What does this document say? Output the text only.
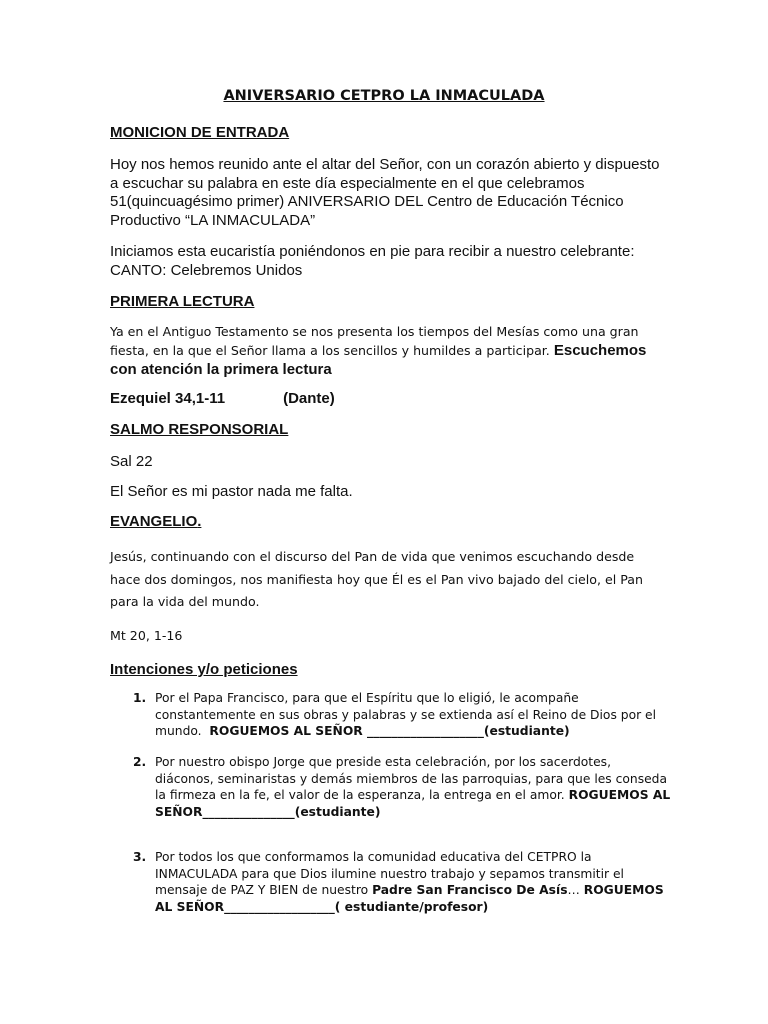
ANIVERSARIO CETPRO LA INMACULADA
MONICION DE ENTRADA
Hoy nos hemos reunido ante el altar del Señor, con un corazón abierto y dispuesto a escuchar su palabra en este día especialmente en el que celebramos 51(quincuagésimo primer) ANIVERSARIO DEL Centro de Educación Técnico Productivo “LA INMACULADA”
Iniciamos esta eucaristía poniéndonos en pie para recibir a nuestro celebrante:
CANTO: Celebremos Unidos
PRIMERA LECTURA
Ya en el Antiguo Testamento se nos presenta los tiempos del Mesías como una gran fiesta, en la que el Señor llama a los sencillos y humildes a participar. Escuchemos con atención la primera lectura
Ezequiel 34,1-11	(Dante)
SALMO RESPONSORIAL
Sal 22
El Señor es mi pastor nada me falta.
EVANGELIO.
Jesús, continuando con el discurso del Pan de vida que venimos escuchando desde hace dos domingos, nos manifiesta hoy que Él es el Pan vivo bajado del cielo, el Pan para la vida del mundo.
Mt 20, 1-16
Intenciones y/o peticiones
1. Por el Papa Francisco, para que el Espíritu que lo eligió, le acompañe constantemente en sus obras y palabras y se extienda así el Reino de Dios por el mundo. ROGUEMOS AL SEÑOR ___________________(estudiante)
2. Por nuestro obispo Jorge que preside esta celebración, por los sacerdotes, diáconos, seminaristas y demás miembros de las parroquias, para que les conseda la firmeza en la fe, el valor de la esperanza, la entrega en el amor. ROGUEMOS AL SEÑOR_______________(estudiante)
3. Por todos los que conformamos la comunidad educativa del CETPRO la INMACULADA para que Dios ilumine nuestro trabajo y sepamos transmitir el mensaje de PAZ Y BIEN de nuestro Padre San Francisco De Asís… ROGUEMOS AL SEÑOR__________________( estudiante/profesor)
